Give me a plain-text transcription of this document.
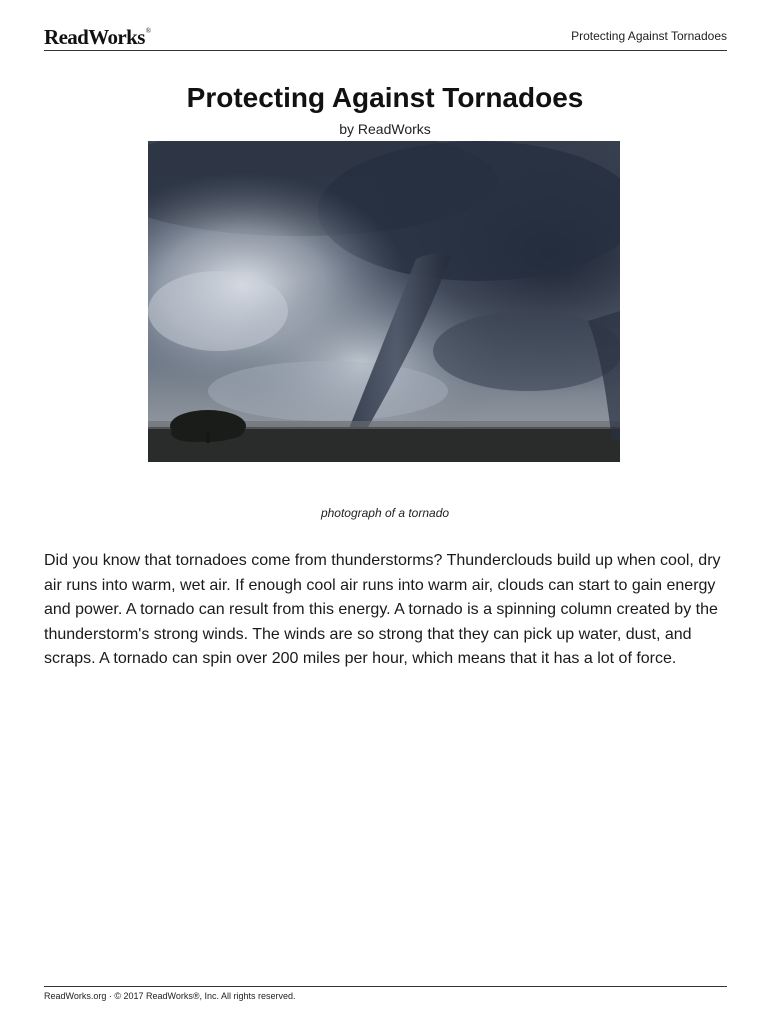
ReadWorks®	Protecting Against Tornadoes
Protecting Against Tornadoes
by ReadWorks
photograph of a tornado

Did you know that tornadoes come from thunderstorms? Thunderclouds build up when cool, dry air runs into warm, wet air. If enough cool air runs into warm air, clouds can start to gain energy and power. A tornado can result from this energy. A tornado is a spinning column created by the thunderstorm's strong winds. The winds are so strong that they can pick up water, dust, and scraps. A tornado can spin over 200 miles per hour, which means that it has a lot of force.

ReadWorks.org · © 2017 ReadWorks®, Inc. All rights reserved.
